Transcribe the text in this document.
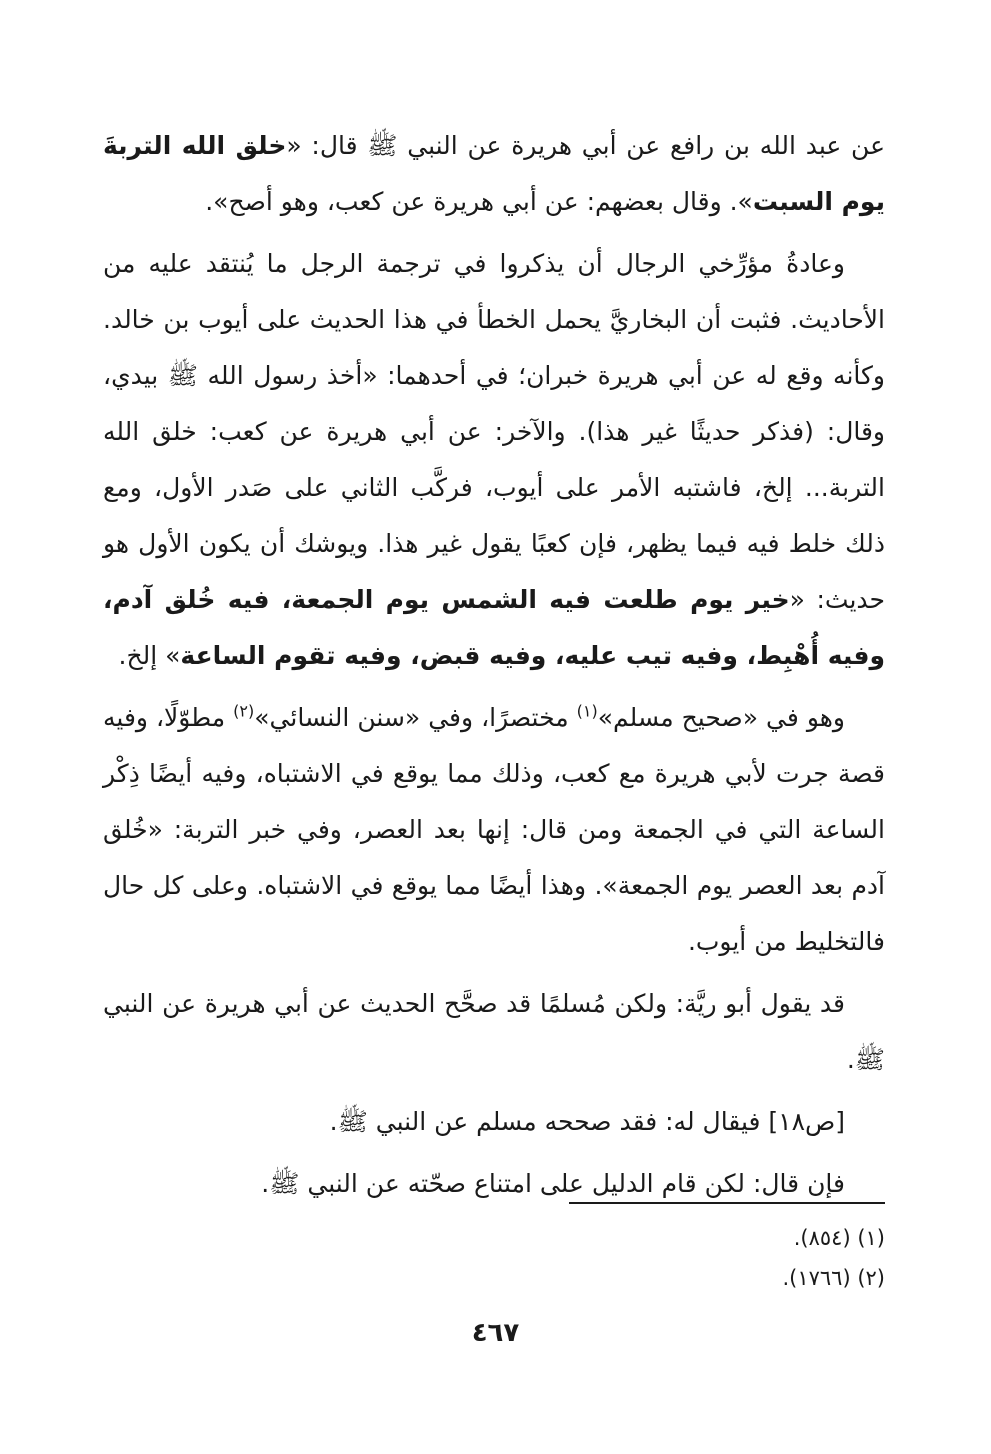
عن عبد الله بن رافع عن أبي هريرة عن النبي ﷺ قال: «خلق الله التربةَ يوم السبت». وقال بعضهم: عن أبي هريرة عن كعب، وهو أصح».

وعادةُ مؤرِّخي الرجال أن يذكروا في ترجمة الرجل ما يُنتقد عليه من الأحاديث. فثبت أن البخاريَّ يحمل الخطأ في هذا الحديث على أيوب بن خالد. وكأنه وقع له عن أبي هريرة خبران؛ في أحدهما: «أخذ رسول الله ﷺ بيدي، وقال: (فذكر حديثًا غير هذا). والآخر: عن أبي هريرة عن كعب: خلق الله التربة... إلخ، فاشتبه الأمر على أيوب، فركَّب الثاني على صَدر الأول، ومع ذلك خلط فيه فيما يظهر، فإن كعبًا يقول غير هذا. ويوشك أن يكون الأول هو حديث: «خير يوم طلعت فيه الشمس يوم الجمعة، فيه خُلق آدم، وفيه أُهْبِط، وفيه تيب عليه، وفيه قبض، وفيه تقوم الساعة» إلخ.

وهو في «صحيح مسلم»$^{(١)}$ مختصرًا، وفي «سنن النسائي»$^{(٢)}$ مطوّلًا، وفيه قصة جرت لأبي هريرة مع كعب، وذلك مما يوقع في الاشتباه، وفيه أيضًا ذِكْر الساعة التي في الجمعة ومن قال: إنها بعد العصر، وفي خبر التربة: «خُلق آدم بعد العصر يوم الجمعة». وهذا أيضًا مما يوقع في الاشتباه. وعلى كل حال فالتخليط من أيوب.

قد يقول أبو ريَّة: ولكن مُسلمًا قد صحَّح الحديث عن أبي هريرة عن النبي ﷺ.

[ص١٨] فيقال له: فقد صححه مسلم عن النبي ﷺ.

فإن قال: لكن قام الدليل على امتناع صحّته عن النبي ﷺ.

(١) (٨٥٤).
(٢) (١٧٦٦).
٤٦٧
